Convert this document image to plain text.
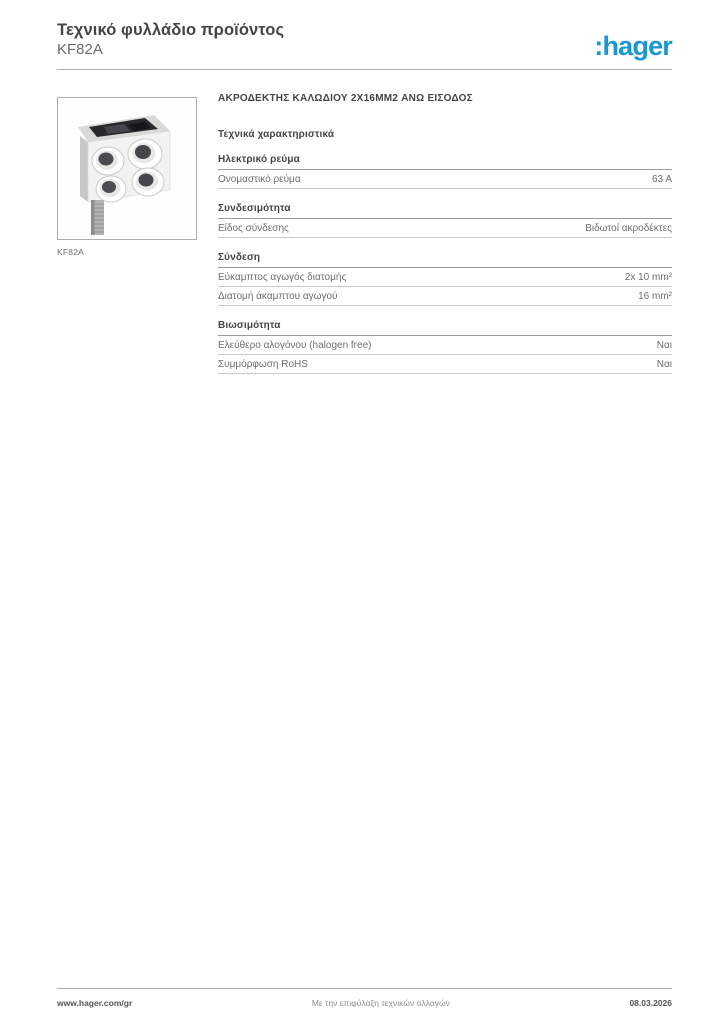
Τεχνικό φυλλάδιο προϊόντος
KF82A	:hager
KF82A
ΑΚΡΟΔΕΚΤΗΣ ΚΑΛΩΔΙΟΥ 2X16MM2 ΑΝΩ ΕΙΣΟΔΟΣ
Τεχνικά χαρακτηριστικά
Ηλεκτρικό ρεύμα
Ονομαστικό ρεύμα	63 A
Συνδεσιμότητα
Είδος σύνδεσης	Βιδωτοί ακροδέκτες
Σύνδεση
Εύκαμπτος αγωγός διατομής	2x 10 mm²
Διατομή άκαμπτου αγωγού	16 mm²
Βιωσιμότητα
Ελεύθερο αλογόνου (halogen free)	Ναι
Συμμόρφωση RoHS	Ναι
www.hager.com/gr	Με την επιφύλαξη τεχνικών αλλαγών	08.03.2026
